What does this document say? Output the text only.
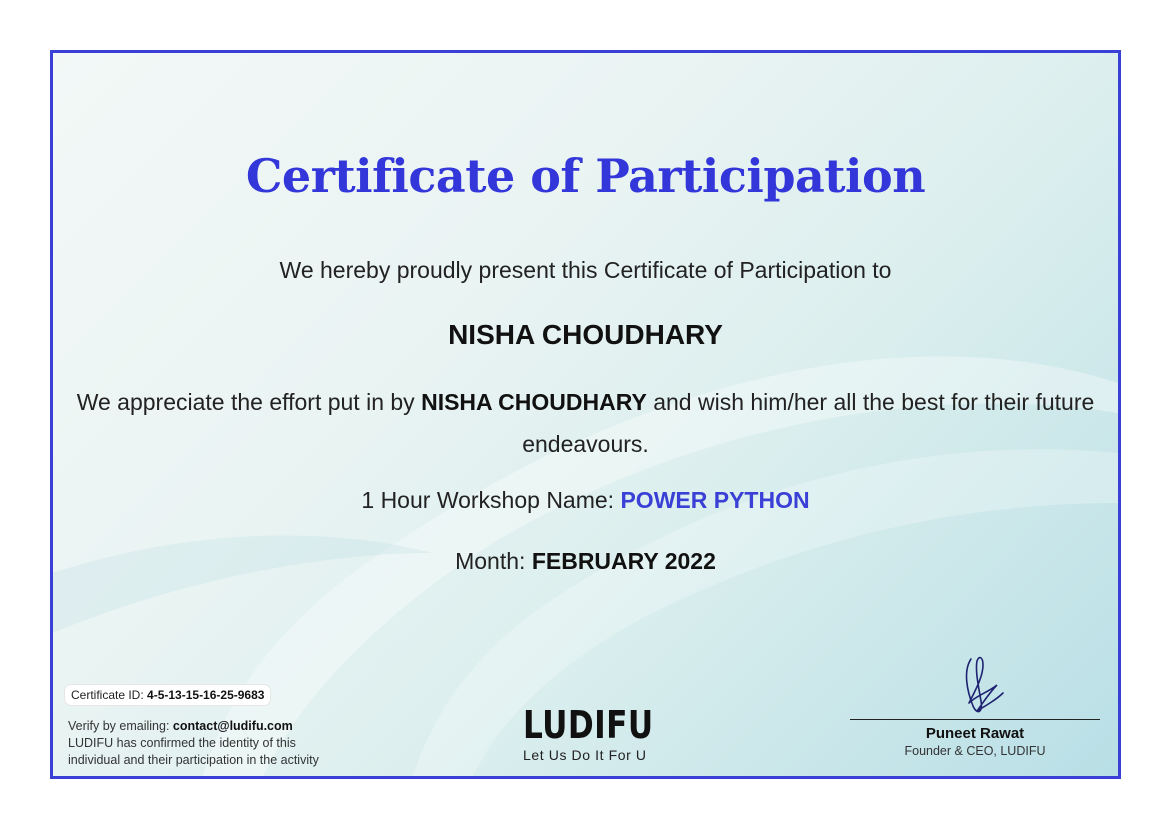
Certificate of Participation
We hereby proudly present this Certificate of Participation to
NISHA CHOUDHARY
We appreciate the effort put in by NISHA CHOUDHARY and wish him/her all the best for their future endeavours.
1 Hour Workshop Name: POWER PYTHON
Month: FEBRUARY 2022
Certificate ID: 4-5-13-15-16-25-9683
Verify by emailing: contact@ludifu.com
LUDIFU has confirmed the identity of this
individual and their participation in the activity
LUDIFU
Let Us Do It For U
Puneet Rawat
Founder & CEO, LUDIFU
